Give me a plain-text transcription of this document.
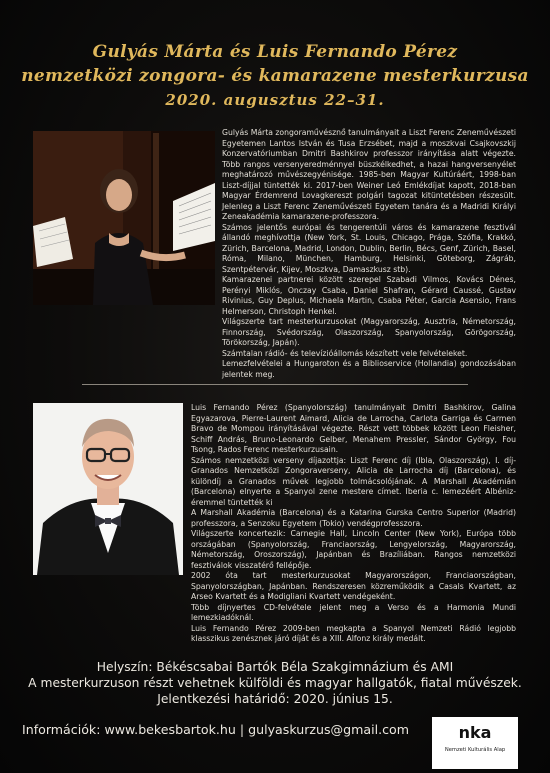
Gulyás Márta és Luis Fernando Pérez
nemzetközi zongora- és kamarazene mesterkurzusa
2020. augusztus 22–31.

Gulyás Márta zongoraművésznő tanulmányait a Liszt Ferenc Zeneművészeti Egyetemen Lantos István és Tusa Erzsébet, majd a moszkvai Csajkovszkij Konzervatóriumban Dmitri Bashkirov professzor irányítása alatt végezte. Több rangos versenyeredménnyel büszkélkedhet, a hazai hangversenyélet meghatározó művészegyénisége. 1985-ben Magyar Kultúráért, 1998-ban Liszt-díjjal tüntették ki. 2017-ben Weiner Leó Emlékdíjat kapott, 2018-ban Magyar Érdemrend Lovagkereszt polgári tagozat kitüntetésben részesült. Jelenleg a Liszt Ferenc Zeneművészeti Egyetem tanára és a Madridi Királyi Zeneakadémia kamarazene-professzora.

Számos jelentős európai és tengerentúli város és kamarazene fesztivál állandó meghívottja (New York, St. Louis, Chicago, Prága, Szófia, Krakkó, Zürich, Barcelona, Madrid, London, Dublin, Berlin, Bécs, Genf, Zürich, Basel, Róma, Milano, München, Hamburg, Helsinki, Göteborg, Zágráb, Szentpétervár, Kijev, Moszkva, Damaszkusz stb).

Kamarazenei partnerei között szerepel Szabadi Vilmos, Kovács Dénes, Perényi Miklós, Onczay Csaba, Daniel Shafran, Gérard Caussé, Gustav Rivinius, Guy Deplus, Michaela Martin, Csaba Péter, Garcia Asensio, Frans Helmerson, Christoph Henkel.

Világszerte tart mesterkurzusokat (Magyarország, Ausztria, Németország, Finnország, Svédország, Olaszország, Spanyolország, Görögország, Törökország, Japán).

Számtalan rádió- és televízióállomás készített vele felvételeket.

Lemezfelvételei a Hungaroton és a Biblioservice (Hollandia) gondozásában jelentek meg.

Luis Fernando Pérez (Spanyolország) tanulmányait Dmitri Bashkirov, Galina Egyazarova, Pierre-Laurent Aimard, Alicia de Larrocha, Carlota Garriga és Carmen Bravo de Mompou irányításával végezte. Részt vett többek között Leon Fleisher, Schiff András, Bruno-Leonardo Gelber, Menahem Pressler, Sándor György, Fou Tsong, Rados Ferenc mesterkurzusain.

Számos nemzetközi verseny díjazottja: Liszt Ferenc díj (Ibla, Olaszország), I. díj-Granados Nemzetközi Zongoraverseny, Alicia de Larrocha díj (Barcelona), és különdíj a Granados művek legjobb tolmácsolójának. A Marshall Akadémián (Barcelona) elnyerte a Spanyol zene mestere címet. Iberia c. lemezéért Albéniz-éremmel tüntették ki

A Marshall Akadémia (Barcelona) és a Katarina Gurska Centro Superior (Madrid) professzora, a Senzoku Egyetem (Tokio) vendégprofesszora.

Világszerte koncertezik: Carnegie Hall, Lincoln Center (New York), Európa több országában (Spanyolország, Franciaország, Lengyelország, Magyarország, Németország, Oroszország), Japánban és Brazíliában. Rangos nemzetközi fesztiválok visszatérő fellépője.

2002 óta tart mesterkurzusokat Magyarországon, Franciaországban, Spanyolországban, Japánban. Rendszeresen közreműködik a Casals Kvartett, az Arseo Kvartett és a Modigliani Kvartett vendégeként.

Több díjnyertes CD-felvétele jelent meg a Verso és a Harmonia Mundi lemezkiadóknál.

Luis Fernando Pérez 2009-ben megkapta a Spanyol Nemzeti Rádió legjobb klasszikus zenésznek járó díját és a XIII. Alfonz király medált.

Helyszín: Békéscsabai Bartók Béla Szakgimnázium és AMI
A mesterkurzuson részt vehetnek külföldi és magyar hallgatók, fiatal művészek.
Jelentkezési határidő: 2020. június 15.
Információk: www.bekesbartok.hu | gulyaskurzus@gmail.com	nka
Nemzeti Kulturális Alap
